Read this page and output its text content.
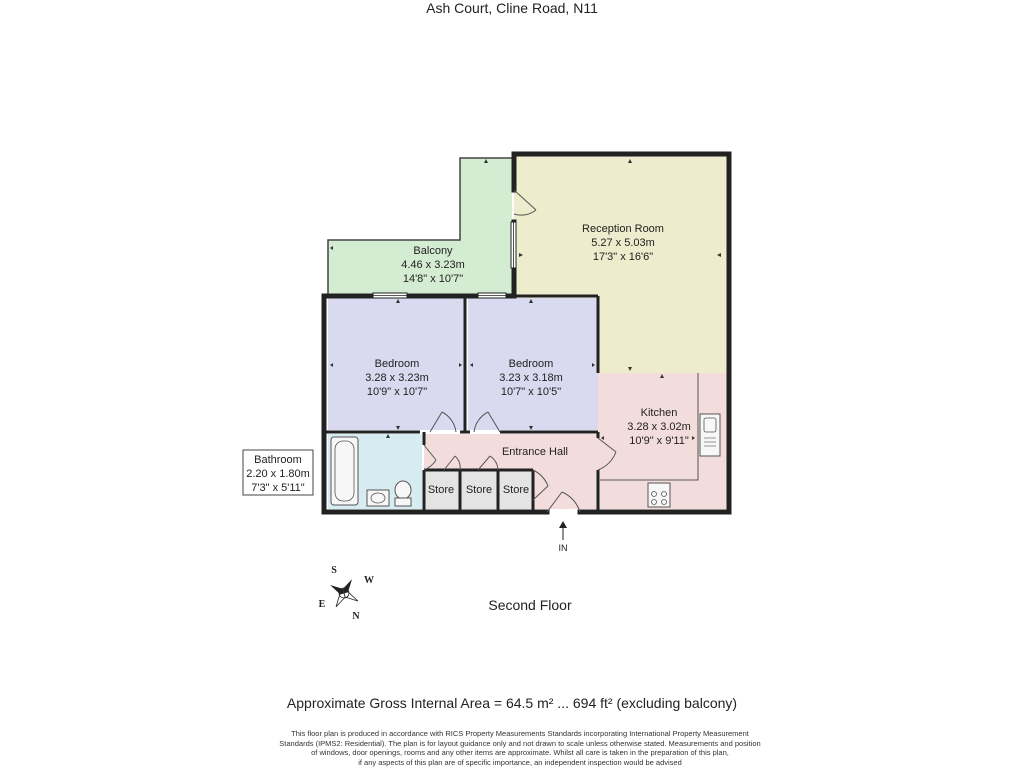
Ash Court, Cline Road, N11
Reception Room
5.27 x 5.03m
17'3" x 16'6"
Balcony
4.46 x 3.23m
14'8" x 10'7"
Bedroom
3.28 x 3.23m
10'9" x 10'7"
Bedroom
3.23 x 3.18m
10'7" x 10'5"
Kitchen
3.28 x 3.02m
10'9" x 9'11"
Entrance Hall
Store Store Store
Bathroom
2.20 x 1.80m
7'3" x 5'11"
S
W
N
E
IN
Second Floor
Approximate Gross Internal Area = 64.5 m² ... 694 ft² (excluding balcony)
This floor plan is produced in accordance with RICS Property Measurements Standards incorporating International Property Measurement
Standards (IPMS2: Residential). The plan is for layout guidance only and not drawn to scale unless otherwise stated. Measurements and position
of windows, door openings, rooms and any other items are approximate. Whilst all care is taken in the preparation of this plan,
if any aspects of this plan are of specific importance, an independent inspection would be advised
